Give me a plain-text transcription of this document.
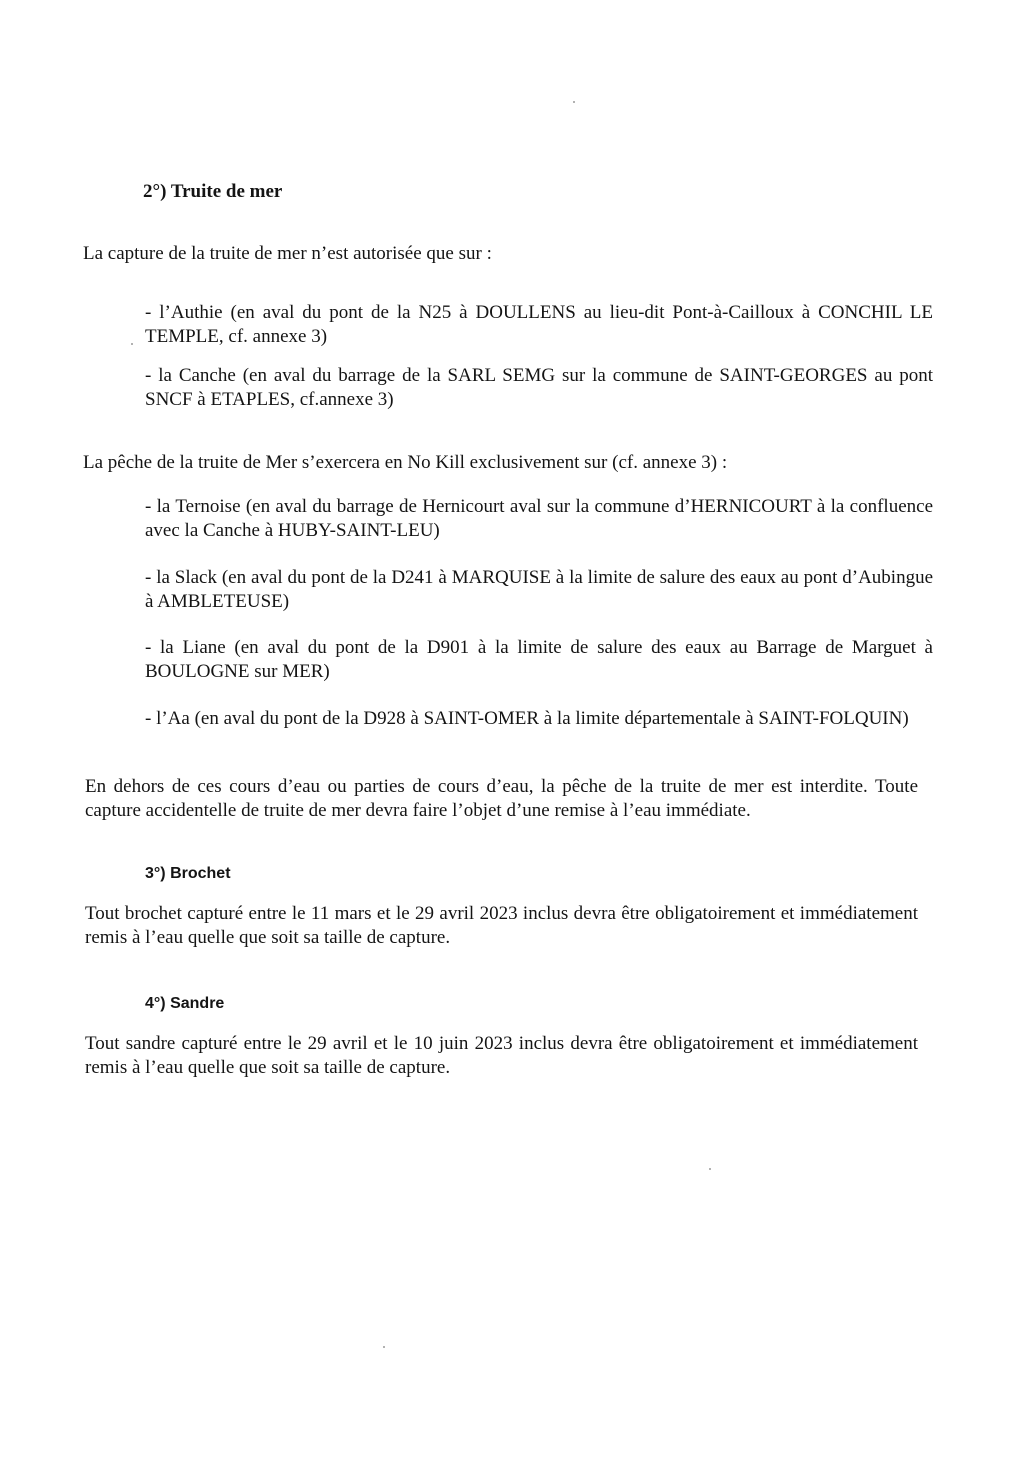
2°) Truite de mer
La capture de la truite de mer n’est autorisée que sur :
- l’Authie (en aval du pont de la N25 à DOULLENS au lieu-dit Pont-à-Cailloux à CONCHIL LE TEMPLE, cf. annexe 3)
- la Canche (en aval du barrage de la SARL SEMG sur la commune de SAINT-GEORGES au pont SNCF à ETAPLES, cf.annexe 3)
La pêche de la truite de Mer s’exercera en No Kill exclusivement sur (cf. annexe 3) :
- la Ternoise (en aval du barrage de Hernicourt aval sur la commune d’HERNICOURT à la confluence avec la Canche à HUBY-SAINT-LEU)
- la Slack (en aval du pont de la D241 à MARQUISE à la limite de salure des eaux au pont d’Aubingue à AMBLETEUSE)
- la Liane (en aval du pont de la D901 à la limite de salure des eaux au Barrage de Marguet à BOULOGNE sur MER)
- l’Aa (en aval du pont de la D928 à SAINT-OMER à la limite départementale à SAINT-FOLQUIN)
En dehors de ces cours d’eau ou parties de cours d’eau, la pêche de la truite de mer est interdite. Toute capture accidentelle de truite de mer devra faire l’objet d’une remise à l’eau immédiate.
3°) Brochet
Tout brochet capturé entre le 11 mars et le 29 avril 2023 inclus devra être obligatoirement et immédiatement remis à l’eau quelle que soit sa taille de capture.
4°) Sandre
Tout sandre capturé entre le 29 avril et le 10 juin 2023 inclus devra être obligatoirement et immédiatement remis à l’eau quelle que soit sa taille de capture.
